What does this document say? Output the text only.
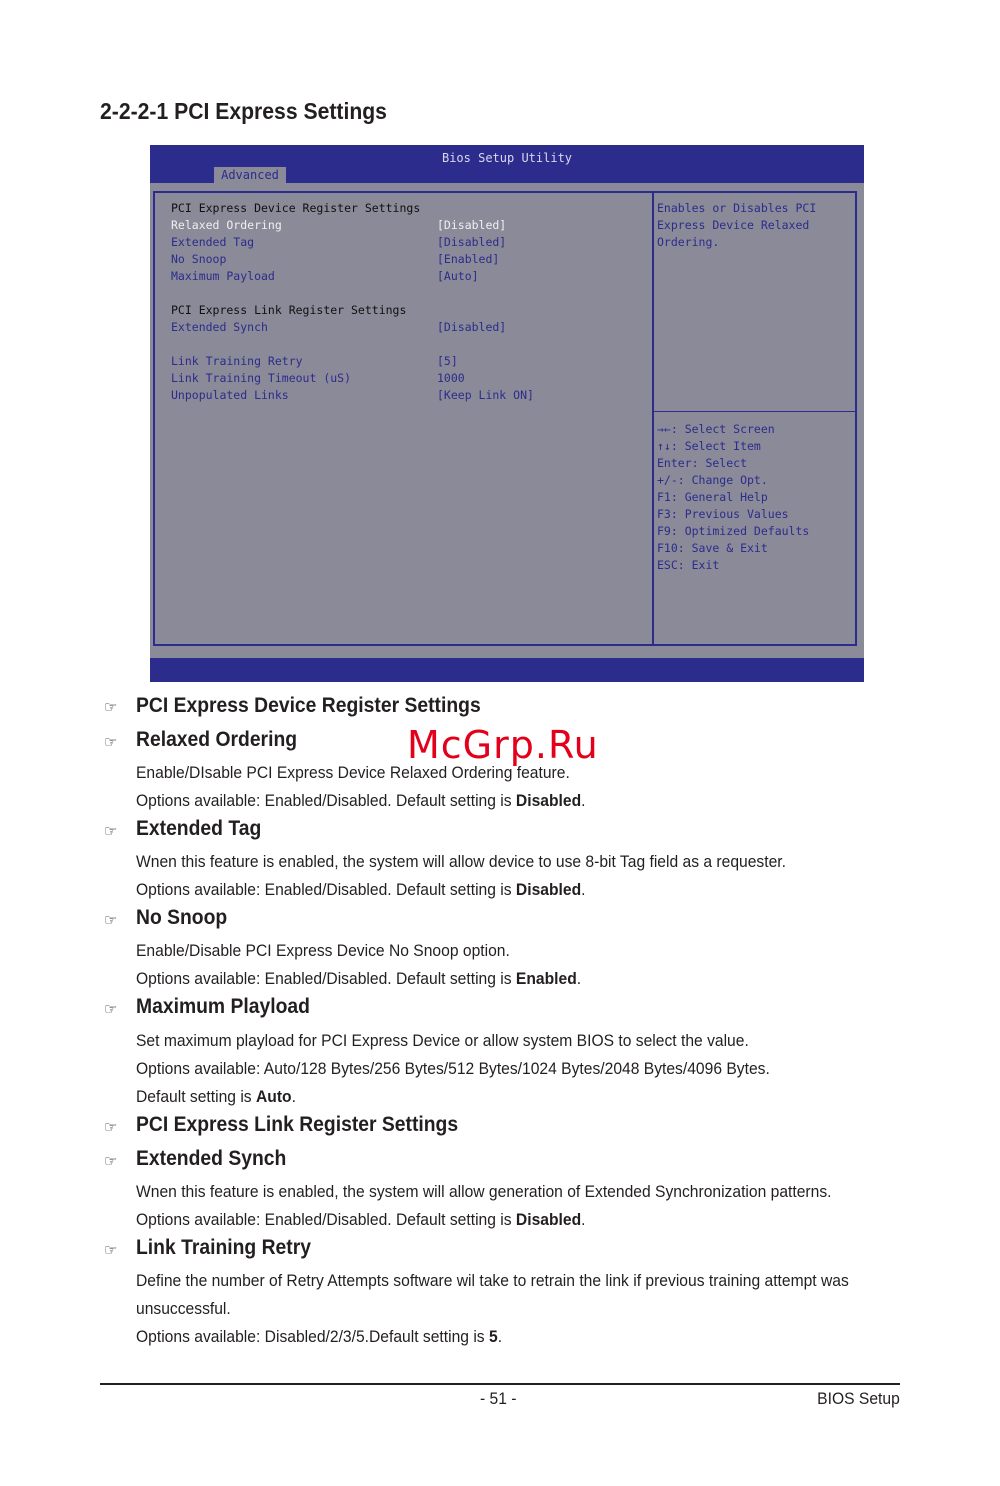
2-2-2-1 PCI Express Settings
Bios Setup Utility
Advanced
PCI Express Device Register Settings
Relaxed Ordering	[Disabled]
Extended Tag	[Disabled]
No Snoop	[Enabled]
Maximum Payload	[Auto]
PCI Express Link Register Settings
Extended Synch	[Disabled]
Link Training Retry	[5]
Link Training Timeout (uS)	1000
Unpopulated Links	[Keep Link ON]
Enables or Disables PCI
Express Device Relaxed
Ordering.
→←: Select Screen
↑↓: Select Item
Enter: Select
+/-: Change Opt.
F1: General Help
F3: Previous Values
F9: Optimized Defaults
F10: Save & Exit
ESC: Exit
☞ PCI Express Device Register Settings
☞ Relaxed Ordering
Enable/DIsable PCI Express Device Relaxed Ordering feature.
Options available: Enabled/Disabled. Default setting is Disabled.
☞ Extended Tag
Wnen this feature is enabled, the system will allow device to use 8-bit Tag field as a requester.
Options available: Enabled/Disabled. Default setting is Disabled.
☞ No Snoop
Enable/Disable PCI Express Device No Snoop option.
Options available: Enabled/Disabled. Default setting is Enabled.
☞ Maximum Playload
Set maximum playload for PCI Express Device or allow system BIOS to select the value.
Options available: Auto/128 Bytes/256 Bytes/512 Bytes/1024 Bytes/2048 Bytes/4096 Bytes.
Default setting is Auto.
☞ PCI Express Link Register Settings
☞ Extended Synch
Wnen this feature is enabled, the system will allow generation of Extended Synchronization patterns.
Options available: Enabled/Disabled. Default setting is Disabled.
☞ Link Training Retry
Define the number of Retry Attempts software wil take to retrain the link if previous training attempt was
unsuccessful.
Options available: Disabled/2/3/5.Default setting is 5.
McGrp.Ru
- 51 -	BIOS Setup
